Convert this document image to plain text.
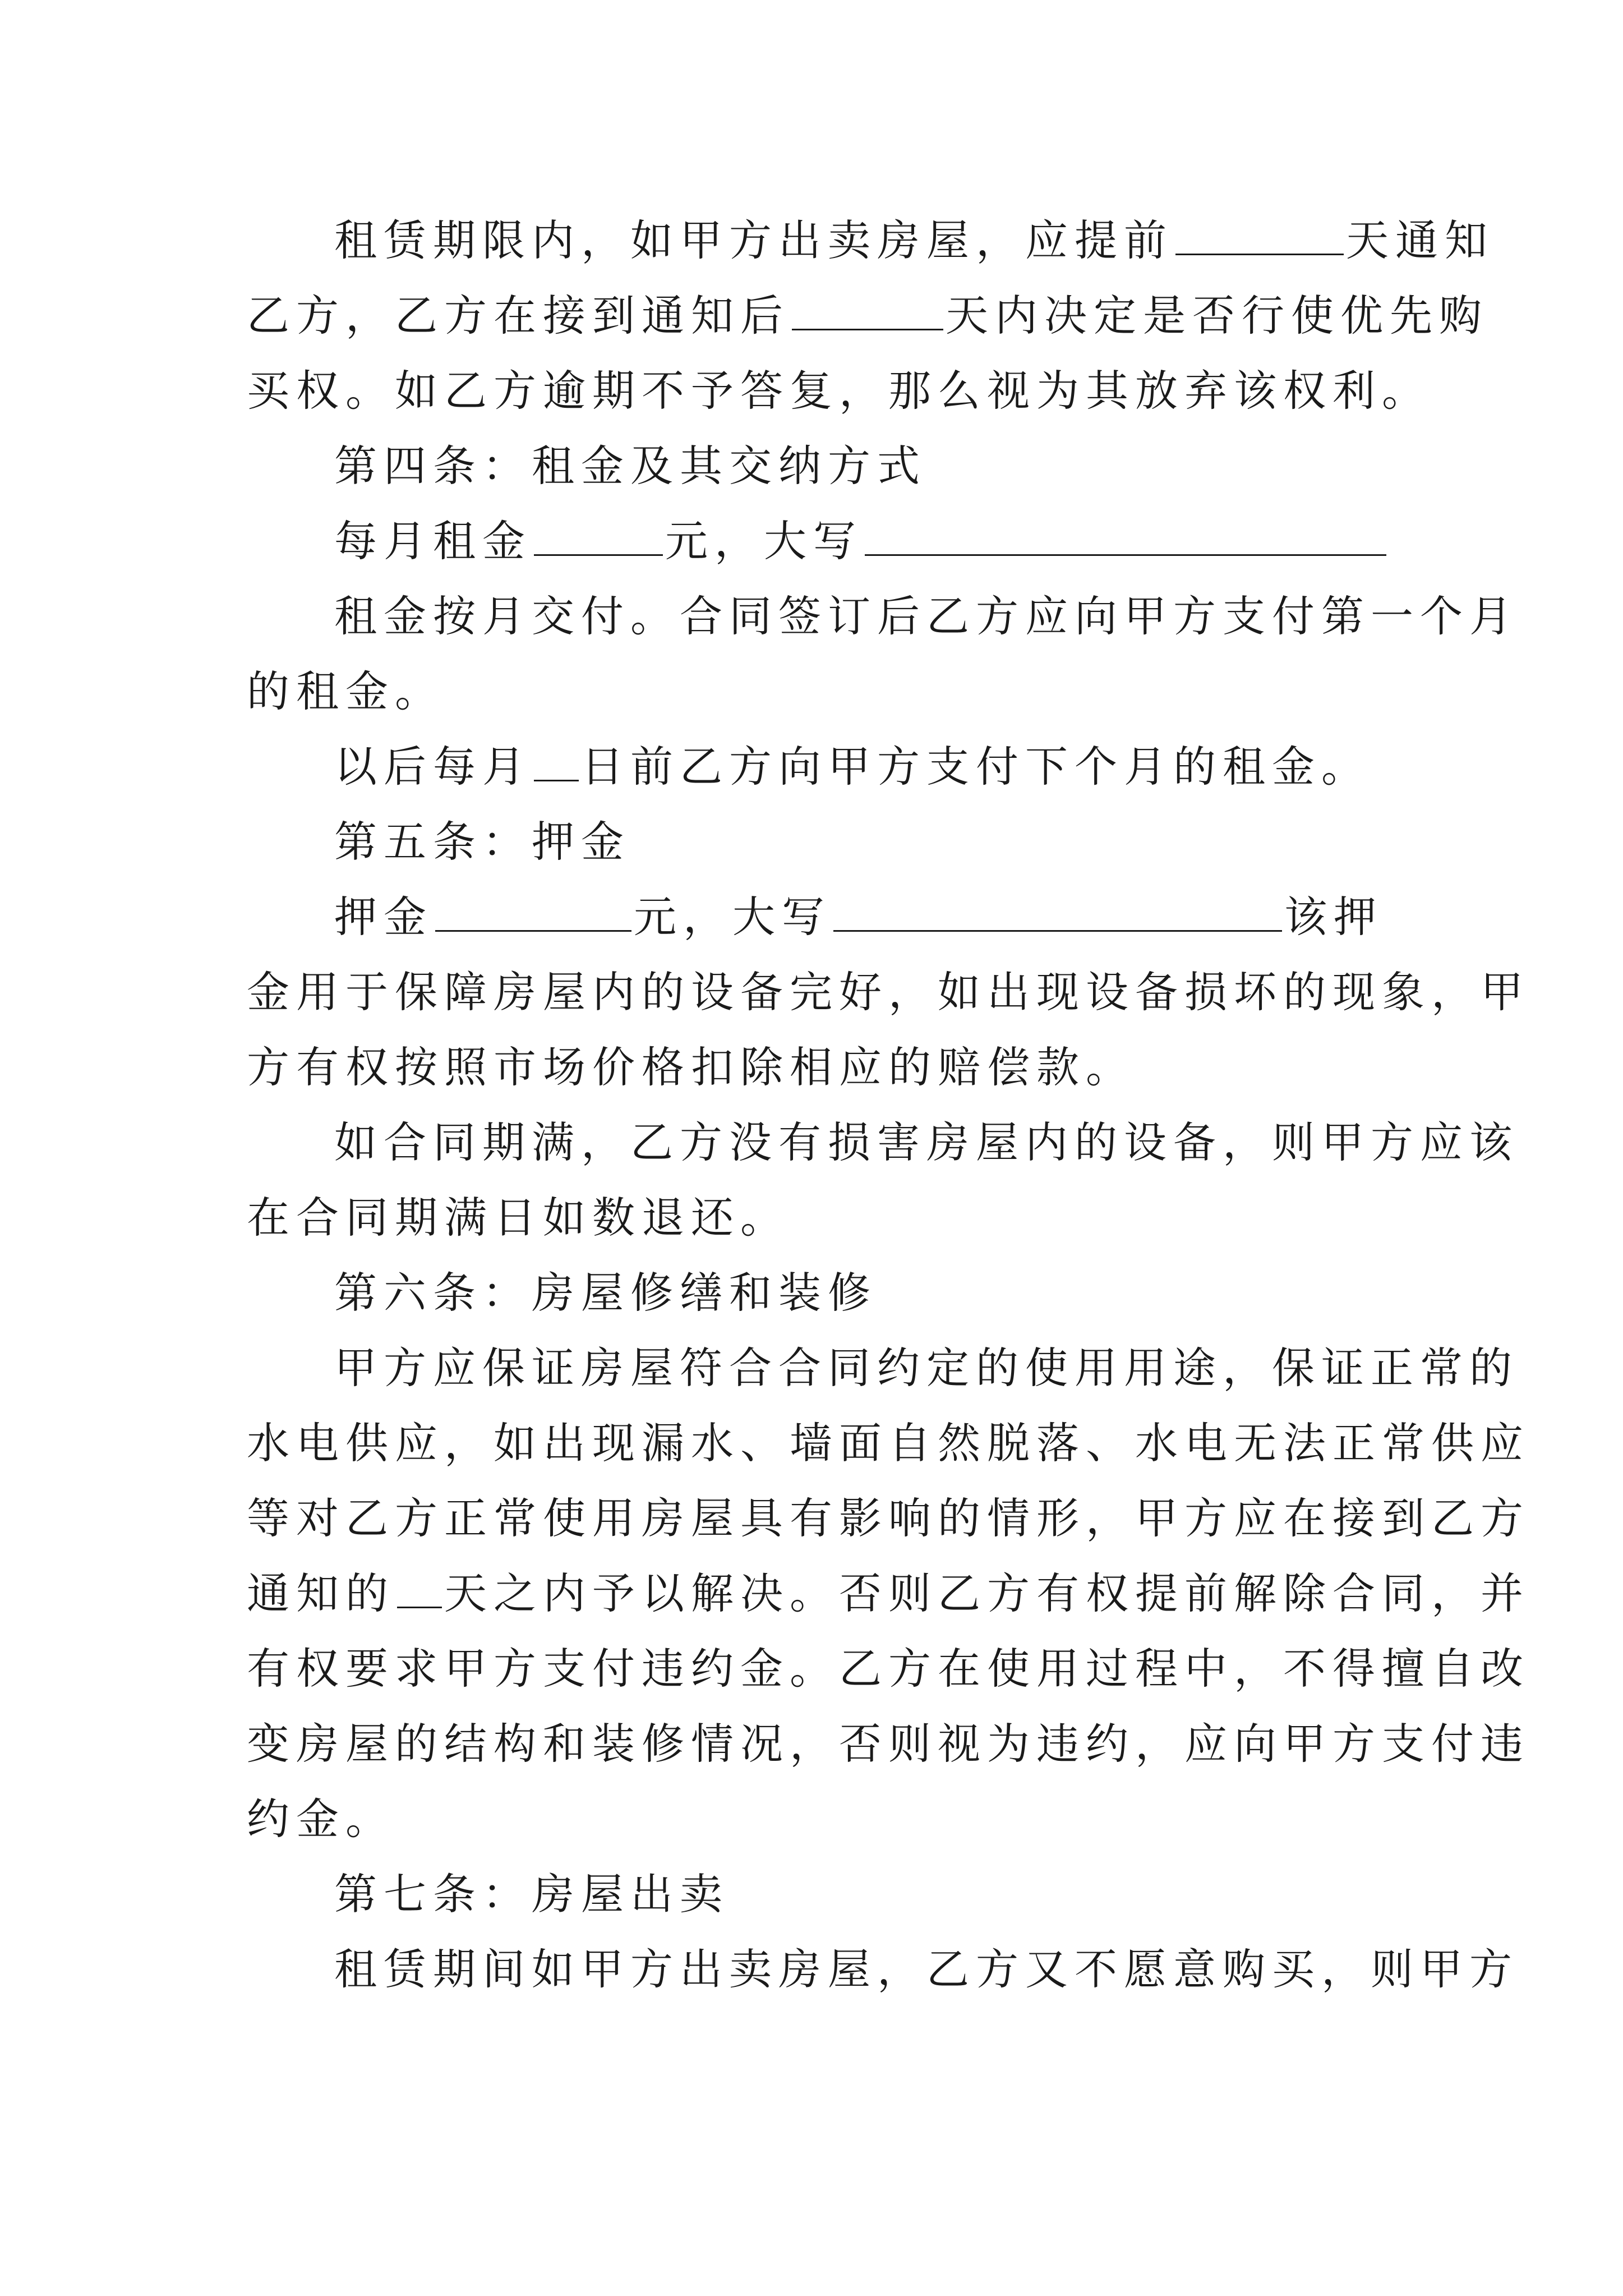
租赁期限内，如甲方出卖房屋，应提前	天通知

乙方，乙方在接到通知后	天内决定是否行使优先购

买权。如乙方逾期不予答复，那么视为其放弃该权利。

第四条：租金及其交纳方式

每月租金	元，大写

租金按月交付。合同签订后乙方应向甲方支付第一个月

的租金。

以后每月 日前乙方向甲方支付下个月的租金。

第五条：押金

押金	元，大写	该押

金用于保障房屋内的设备完好，如出现设备损坏的现象，甲

方有权按照市场价格扣除相应的赔偿款。

如合同期满，乙方没有损害房屋内的设备，则甲方应该

在合同期满日如数退还。

第六条：房屋修缮和装修

甲方应保证房屋符合合同约定的使用用途，保证正常的

水电供应，如出现漏水、墙面自然脱落、水电无法正常供应

等对乙方正常使用房屋具有影响的情形，甲方应在接到乙方

通知的 天之内予以解决。否则乙方有权提前解除合同，并

有权要求甲方支付违约金。乙方在使用过程中，不得擅自改

变房屋的结构和装修情况，否则视为违约，应向甲方支付违

约金。

第七条：房屋出卖

租赁期间如甲方出卖房屋，乙方又不愿意购买，则甲方
